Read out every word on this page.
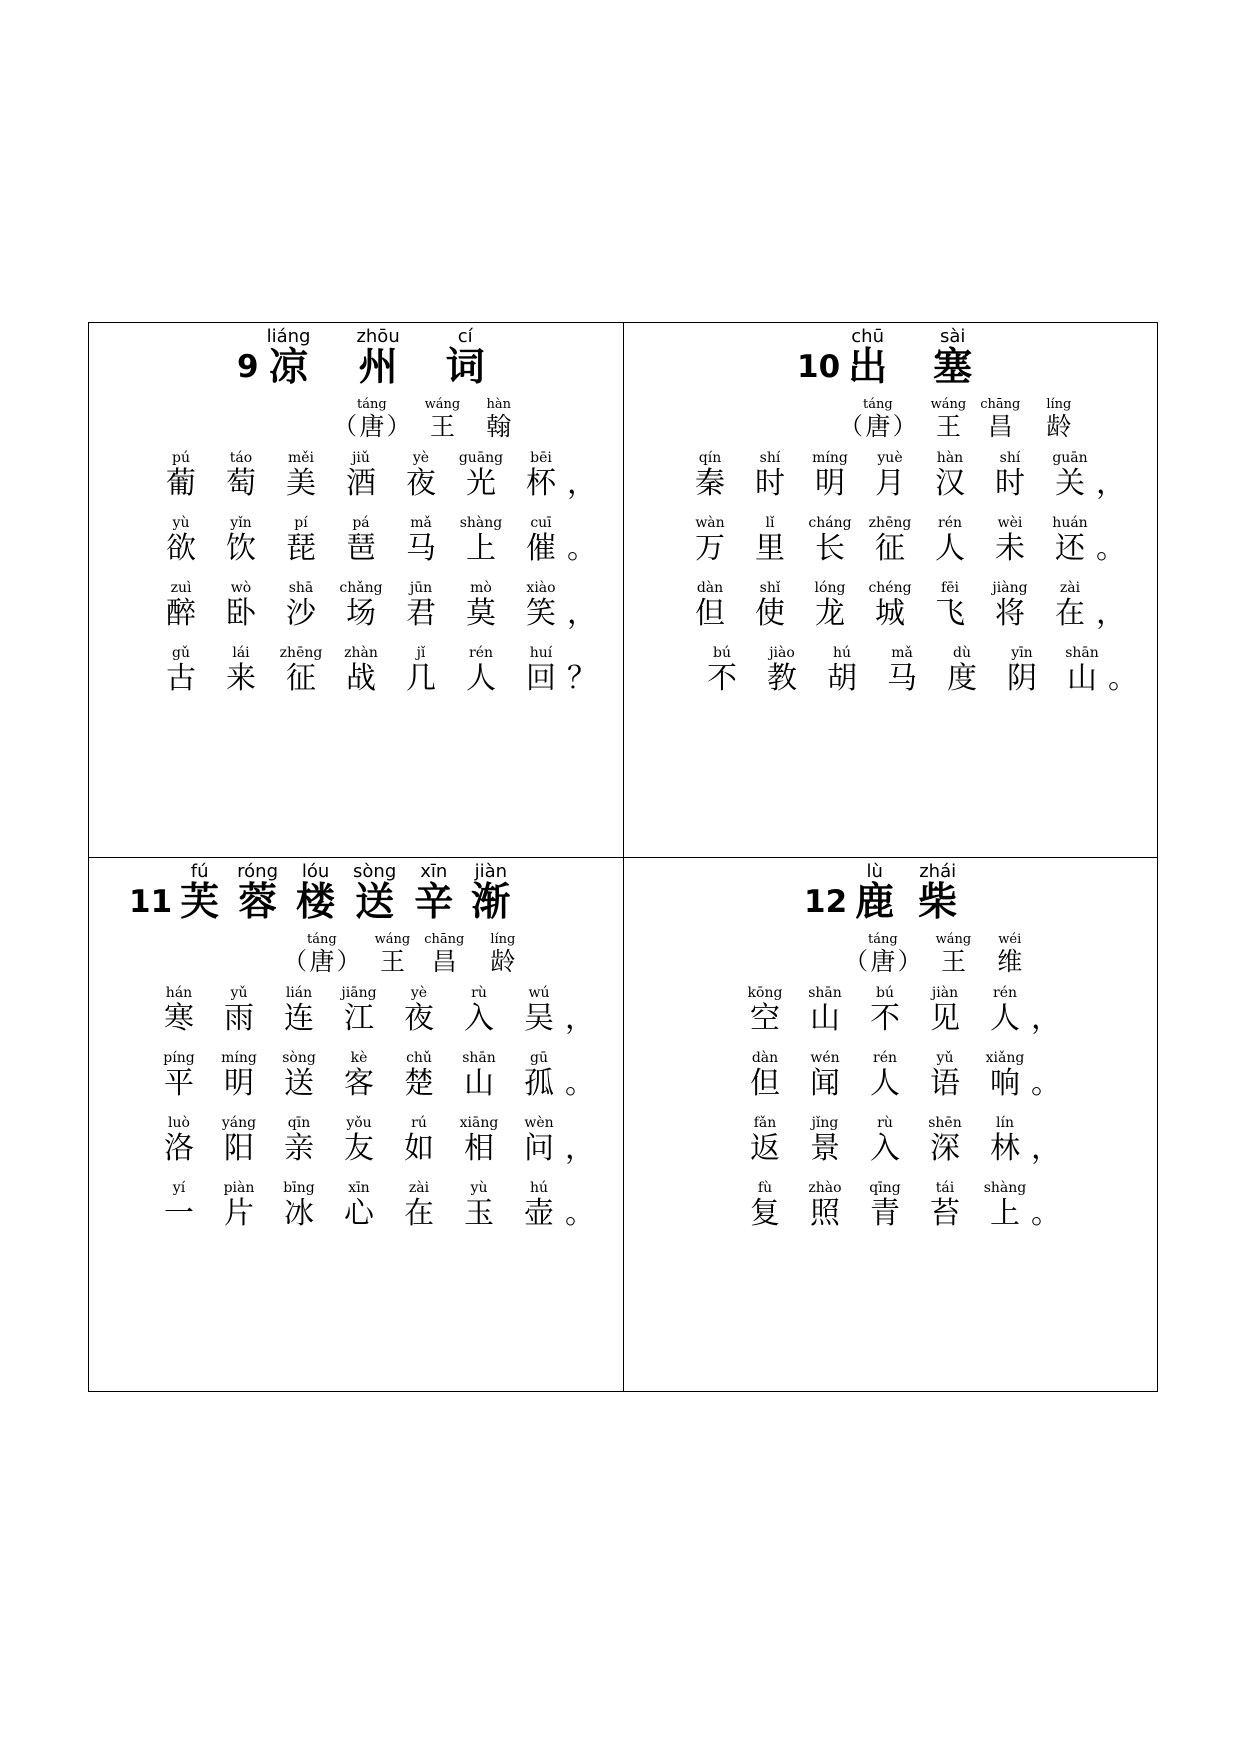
9
liáng
凉
zhōu
州
cí
词
（
táng
唐 ）
wáng
王
hàn
翰
pú
葡
táo
萄
měi
美
jiǔ
酒
yè
夜
guāng
光
bēi
杯 ，
yù
欲
yǐn
饮
pí
琵
pá
琶
mǎ
马
shàng
上
cuī
催 。
zuì
醉
wò
卧
shā
沙
chǎng
场
jūn
君
mò
莫
xiào
笑 ，
gǔ
古
lái
来
zhēng
征
zhàn
战
jǐ
几
rén
人
huí
回 ？
10
chū
出
sài
塞
（
táng
唐 ）
wáng
王
chāng
昌
líng
龄
qín
秦
shí
时
míng
明
yuè
月
hàn
汉
shí
时
guān
关 ，
wàn
万
lǐ
里
cháng
长
zhēng
征
rén
人
wèi
未
huán
还 。
dàn
但
shǐ
使
lóng
龙
chéng
城
fēi
飞
jiàng
将
zài
在 ，
bú
不
jiào
教
hú
胡
mǎ
马
dù
度
yīn
阴
shān
山 。
11
fú
芙
róng
蓉
lóu
楼
sòng
送
xīn
辛
jiàn
渐
（
táng
唐 ）
wáng
王
chāng
昌
líng
龄
hán
寒
yǔ
雨
lián
连
jiāng
江
yè
夜
rù
入
wú
吴 ，
píng
平
míng
明
sòng
送
kè
客
chǔ
楚
shān
山
gū
孤 。
luò
洛
yáng
阳
qīn
亲
yǒu
友
rú
如
xiāng
相
wèn
问 ，
yí
一
piàn
片
bīng
冰
xīn
心
zài
在
yù
玉
hú
壶 。
12
lù
鹿
zhái
柴
（
táng
唐 ）
wáng
王
wéi
维
kōng
空
shān
山
bú
不
jiàn
见
rén
人 ，
dàn
但
wén
闻
rén
人
yǔ
语
xiǎng
响 。
fǎn
返
jǐng
景
rù
入
shēn
深
lín
林 ，
fù
复
zhào
照
qīng
青
tái
苔
shàng
上 。
